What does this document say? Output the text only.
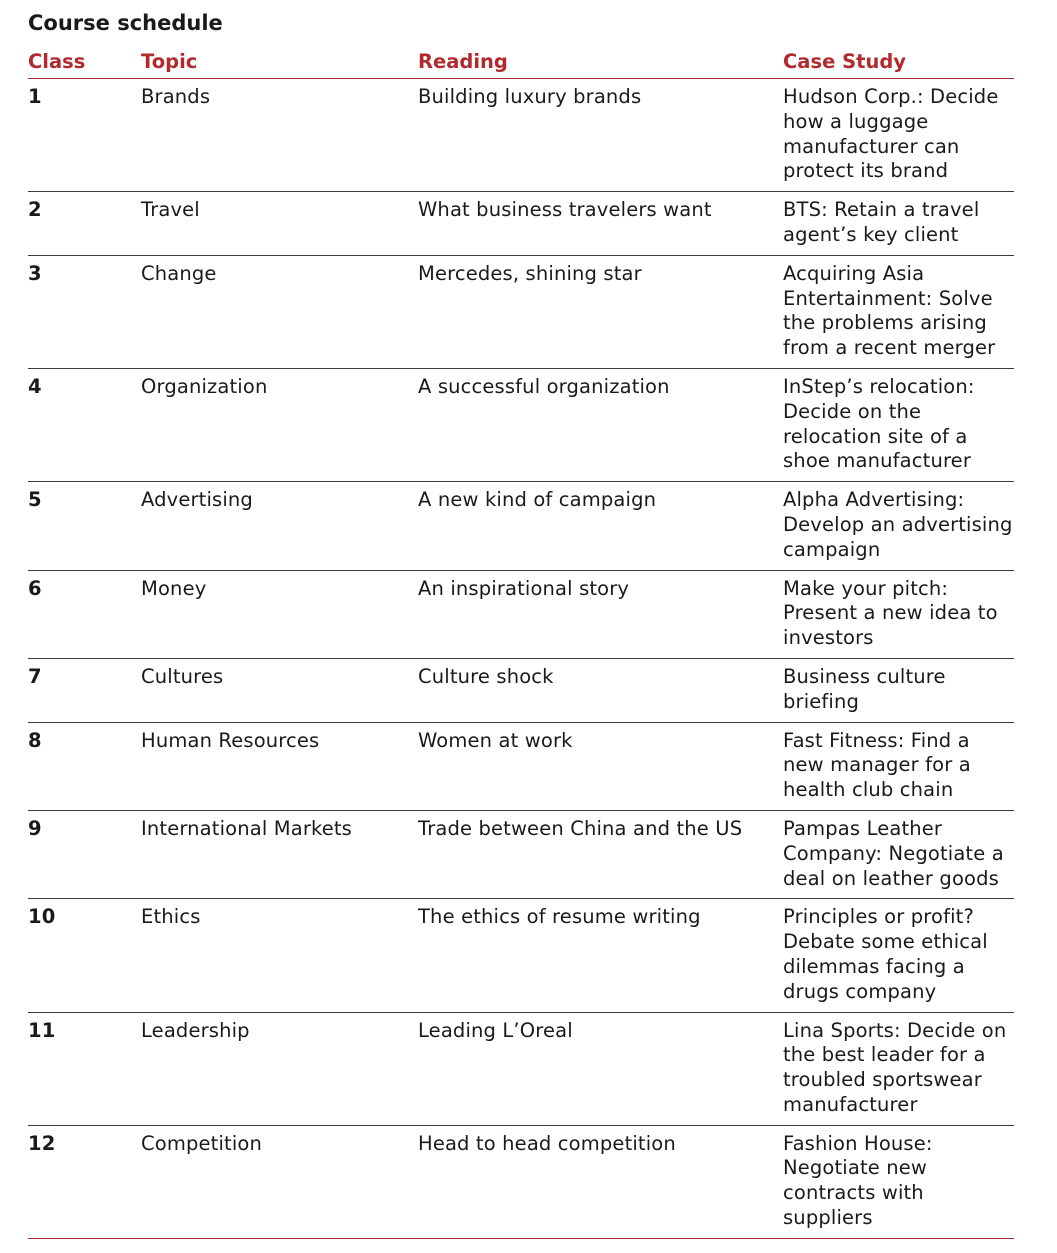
Course schedule
Class	Topic	Reading	Case Study
1	Brands	Building luxury brands	Hudson Corp.: Decide how a luggage manufacturer can protect its brand
2	Travel	What business travelers want	BTS: Retain a travel agent’s key client
3	Change	Mercedes, shining star	Acquiring Asia Entertainment: Solve the problems arising from a recent merger
4	Organization	A successful organization	InStep’s relocation: Decide on the relocation site of a shoe manufacturer
5	Advertising	A new kind of campaign	Alpha Advertising: Develop an advertising campaign
6	Money	An inspirational story	Make your pitch: Present a new idea to investors
7	Cultures	Culture shock	Business culture briefing
8	Human Resources	Women at work	Fast Fitness: Find a new manager for a health club chain
9	International Markets	Trade between China and the US	Pampas Leather Company: Negotiate a deal on leather goods
10	Ethics	The ethics of resume writing	Principles or profit? Debate some ethical dilemmas facing a drugs company
11	Leadership	Leading L’Oreal	Lina Sports: Decide on the best leader for a troubled sportswear manufacturer
12	Competition	Head to head competition	Fashion House: Negotiate new contracts with suppliers
